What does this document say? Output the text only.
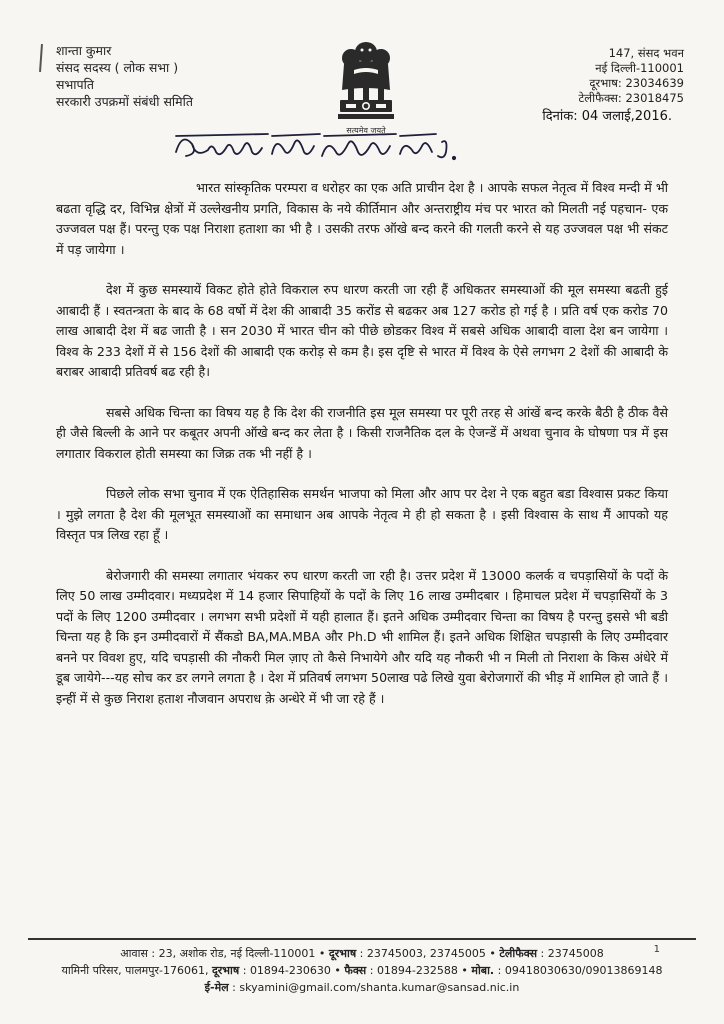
शान्ता कुमार
संसद सदस्य ( लोक सभा )
सभापति
सरकारी उपक्रमों संबंधी समिति
सत्यमेव जयते
147, संसद भवन
नई दिल्ली-110001
दूरभाष: 23034639
टेलीफैक्स: 23018475
दिनांक: 04 जलाई,2016.

भारत सांस्कृतिक परम्परा व धरोहर का एक अति प्राचीन देश है । आपके सफल नेतृत्व में विश्व मन्दी में भी बढता वृद्धि दर, विभिन्न क्षेत्रों में उल्लेखनीय प्रगति, विकास के नये कीर्तिमान और अन्तराष्ट्रीय मंच पर भारत को मिलती नई पहचान- एक उज्जवल पक्ष हैं। परन्तु एक पक्ष निराशा हताशा का भी है । उसकी तरफ ऑखे बन्द करने की गलती करने से यह उज्जवल पक्ष भी संकट में पड़ जायेगा ।

देश में कुछ समस्यायें विकट होते होते विकराल रुप धारण करती जा रही हैं अधिकतर समस्याओं की मूल समस्या बढती हुई आबादी हैं । स्वतन्त्रता के बाद के 68 वर्षो में देश की आबादी 35 करोंड से बढकर अब 127 करोड हो गई है । प्रति वर्ष एक करोड 70 लाख आबादी देश में बढ जाती है । सन 2030 में भारत चीन को पीछे छोडकर विश्व में सबसे अधिक आबादी वाला देश बन जायेगा । विश्व के 233 देशों में से 156 देशों की आबादी एक करोड़ से कम है। इस दृष्टि से भारत में विश्व के ऐसे लगभग 2 देशों की आबादी के बराबर आबादी प्रतिवर्ष बढ रही है।

सबसे अधिक चिन्ता का विषय यह है कि देश की राजनीति इस मूल समस्या पर पूरी तरह से आंखें बन्द करके बैठी है ठीक वैसे ही जैसे बिल्ली के आने पर कबूतर अपनी ऑखे बन्द कर लेता है । किसी राजनैतिक दल के ऐजन्डें में अथवा चुनाव के घोषणा पत्र में इस लगातार विकराल होती समस्या का जिक्र तक भी नहीं है ।

पिछले लोक सभा चुनाव में एक ऐतिहासिक समर्थन भाजपा को मिला और आप पर देश ने एक बहुत बडा विश्वास प्रकट किया । मुझे लगता है देश की मूलभूत समस्याओं का समाधान अब आपके नेतृत्व मे ही हो सकता है । इसी विश्वास के साथ मैं आपको यह विस्तृत पत्र लिख रहा हूँ ।

बेरोजगारी की समस्या लगातार भंयकर रुप धारण करती जा रही है। उत्तर प्रदेश में 13000 कलर्क व चपड़ासियों के पदों के लिए 50 लाख उम्मीदवार। मध्यप्रदेश में 14 हजार सिपाहियों के पदों के लिए 16 लाख उम्मीदबार । हिमाचल प्रदेश में चपड़ासियों के 3 पदों के लिए 1200 उम्मीदवार । लगभग सभी प्रदेशों में यही हालात हैं। इतने अधिक उम्मीदवार चिन्ता का विषय है परन्तु इससे भी बडी चिन्ता यह है कि इन उम्मीदवारों में सैंकडो BA,MA.MBA और Ph.D भी शामिल हैं। इतने अधिक शिक्षित चपड़ासी के लिए उम्मीदवार बनने पर विवश हुए, यदि चपड़ासी की नौकरी मिल ज़ाए तो कैसे निभायेगे और यदि यह नौकरी भी न मिली तो निराशा के किस अंधेरे में डूब जायेगे---यह सोच कर डर लगने लगता है । देश में प्रतिवर्ष लगभग 50लाख पढे लिखे युवा बेरोजगारों की भीड़ में शामिल हो जाते हैं । इन्हीं में से कुछ निराश हताश नौजवान अपराध क़े अन्धेरे में भी जा रहे हैं ।

1
आवास : 23, अशोक रोड, नई दिल्ली-110001 • दूरभाष : 23745003, 23745005 • टेलीफैक्स : 23745008
यामिनी परिसर, पालमपुर-176061, दूरभाष : 01894-230630 • फैक्स : 01894-232588 • मोबा. : 09418030630/09013869148
ई-मेल : skyamini@gmail.com/shanta.kumar@sansad.nic.in
